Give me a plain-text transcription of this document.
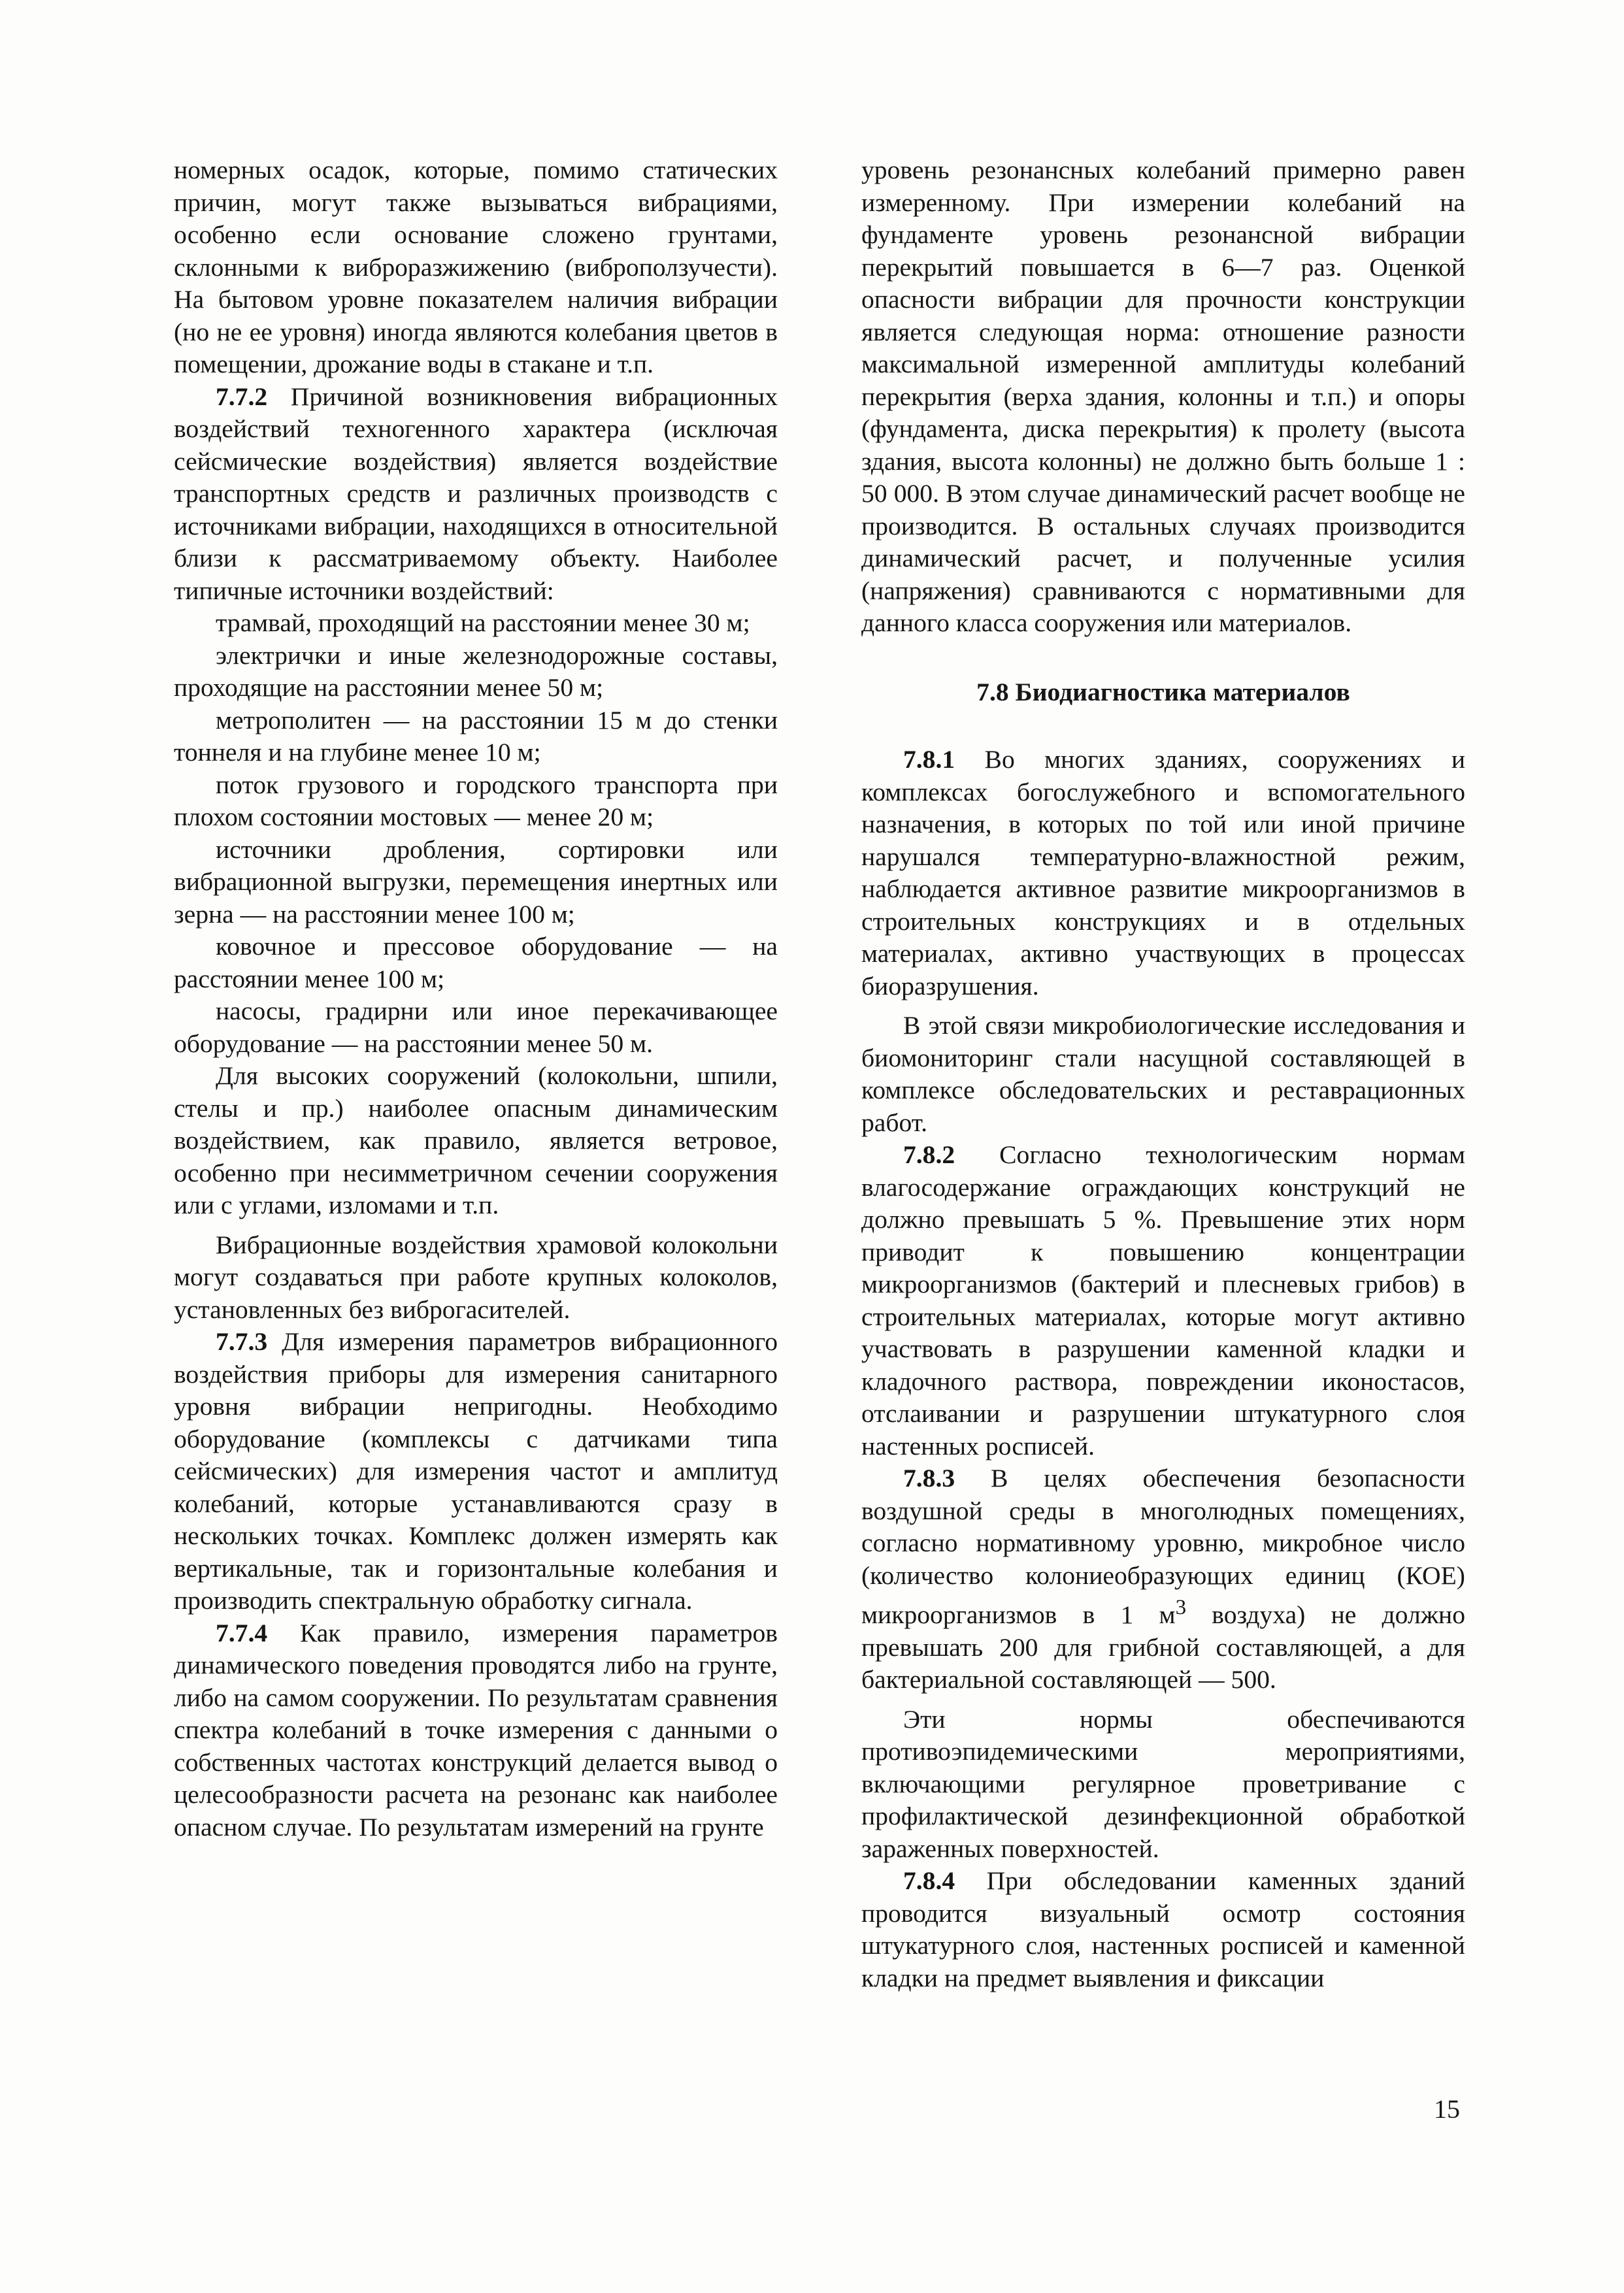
номерных осадок, которые, помимо статических причин, могут также вызываться вибрациями, особенно если основание сложено грунтами, склонными к виброразжижению (виброползучести). На бытовом уровне показателем наличия вибрации (но не ее уровня) иногда являются колебания цветов в помещении, дрожание воды в стакане и т.п.

7.7.2 Причиной возникновения вибрационных воздействий техногенного характера (исключая сейсмические воздействия) является воздействие транспортных средств и различных производств с источниками вибрации, находящихся в относительной близи к рассматриваемому объекту. Наиболее типичные источники воздействий:

трамвай, проходящий на расстоянии менее 30 м;

электрички и иные железнодорожные составы, проходящие на расстоянии менее 50 м;

метрополитен — на расстоянии 15 м до стенки тоннеля и на глубине менее 10 м;

поток грузового и городского транспорта при плохом состоянии мостовых — менее 20 м;

источники дробления, сортировки или вибрационной выгрузки, перемещения инертных или зерна — на расстоянии менее 100 м;

ковочное и прессовое оборудование — на расстоянии менее 100 м;

насосы, градирни или иное перекачивающее оборудование — на расстоянии менее 50 м.

Для высоких сооружений (колокольни, шпили, стелы и пр.) наиболее опасным динамическим воздействием, как правило, является ветровое, особенно при несимметричном сечении сооружения или с углами, изломами и т.п.

Вибрационные воздействия храмовой колокольни могут создаваться при работе крупных колоколов, установленных без виброгасителей.

7.7.3 Для измерения параметров вибрационного воздействия приборы для измерения санитарного уровня вибрации непригодны. Необходимо оборудование (комплексы с датчиками типа сейсмических) для измерения частот и амплитуд колебаний, которые устанавливаются сразу в нескольких точках. Комплекс должен измерять как вертикальные, так и горизонтальные колебания и производить спектральную обработку сигнала.

7.7.4 Как правило, измерения параметров динамического поведения проводятся либо на грунте, либо на самом сооружении. По результатам сравнения спектра колебаний в точке измерения с данными о собственных частотах конструкций делается вывод о целесообразности расчета на резонанс как наиболее опасном случае. По результатам измерений на грунте

уровень резонансных колебаний примерно равен измеренному. При измерении колебаний на фундаменте уровень резонансной вибрации перекрытий повышается в 6—7 раз. Оценкой опасности вибрации для прочности конструкции является следующая норма: отношение разности максимальной измеренной амплитуды колебаний перекрытия (верха здания, колонны и т.п.) и опоры (фундамента, диска перекрытия) к пролету (высота здания, высота колонны) не должно быть больше 1 : 50 000. В этом случае динамический расчет вообще не производится. В остальных случаях производится динамический расчет, и полученные усилия (напряжения) сравниваются с нормативными для данного класса сооружения или материалов.

7.8 Биодиагностика материалов

7.8.1 Во многих зданиях, сооружениях и комплексах богослужебного и вспомогательного назначения, в которых по той или иной причине нарушался температурно-влажностной режим, наблюдается активное развитие микроорганизмов в строительных конструкциях и в отдельных материалах, активно участвующих в процессах биоразрушения.

В этой связи микробиологические исследования и биомониторинг стали насущной составляющей в комплексе обследовательских и реставрационных работ.

7.8.2 Согласно технологическим нормам влагосодержание ограждающих конструкций не должно превышать 5 %. Превышение этих норм приводит к повышению концентрации микроорганизмов (бактерий и плесневых грибов) в строительных материалах, которые могут активно участвовать в разрушении каменной кладки и кладочного раствора, повреждении иконостасов, отслаивании и разрушении штукатурного слоя настенных росписей.

7.8.3 В целях обеспечения безопасности воздушной среды в многолюдных помещениях, согласно нормативному уровню, микробное число (количество колониеобразующих единиц (КОЕ) микроорганизмов в 1 $м^3$ воздуха) не должно превышать 200 для грибной составляющей, а для бактериальной составляющей — 500.

Эти нормы обеспечиваются противоэпидемическими мероприятиями, включающими регулярное проветривание с профилактической дезинфекционной обработкой зараженных поверхностей.

7.8.4 При обследовании каменных зданий проводится визуальный осмотр состояния штукатурного слоя, настенных росписей и каменной кладки на предмет выявления и фиксации

15
